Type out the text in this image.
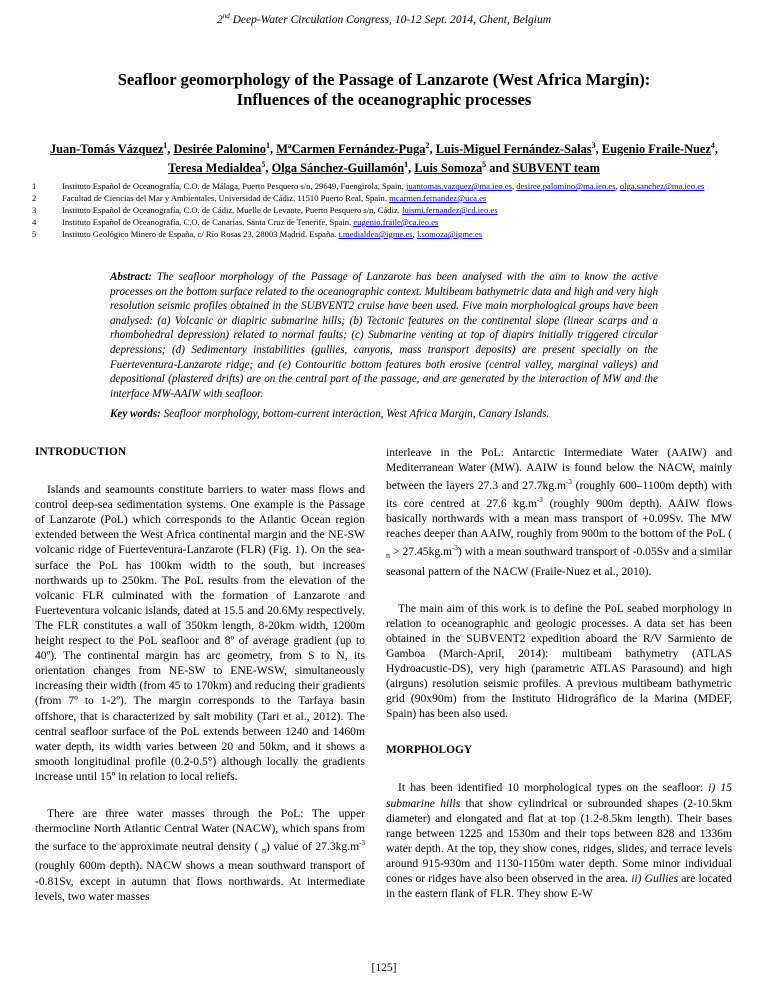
2nd Deep-Water Circulation Congress, 10-12 Sept. 2014, Ghent, Belgium
Seafloor geomorphology of the Passage of Lanzarote (West Africa Margin):
Influences of the oceanographic processes
Juan-Tomás Vázquez$^1$, Desirée Palomino$^1$, MªCarmen Fernández-Puga$^2$, Luis-Miguel Fernández-Salas$^3$, Eugenio Fraile-Nuez$^4$, Teresa Medialdea$^5$, Olga Sánchez-Guillamón$^1$, Luis Somoza$^5$ and SUBVENT team
1	Instituto Español de Oceanografía, C.O. de Málaga, Puerto Pesquero s/n, 29649, Fuengirola, Spain. juantomas.vazquez@ma.ieo.es, desiree.palomino@ma.ieo.es, olga.sanchez@ma.ieo.es
2	Facultad de Ciencias del Mar y Ambientales, Universidad de Cádiz. 11510 Puerto Real, Spain. mcarmen.fernandez@uca.es
3	Instituto Español de Oceanografía, C.O. de Cádiz, Muelle de Levante, Puerto Pesquero s/n, Cádiz. luismi.fernandez@cd.ieo.es
4	Instituto Español de Oceanografía, C.O. de Canarias, Santa Cruz de Tenerife, Spain. eugenio.fraile@ca.ieo.es
5	Instituto Geológico Minero de España, c/ Río Rosas 23, 28003 Madrid. España. t.medialdea@igme.es, l.somoza@igme.es
Abstract: The seafloor morphology of the Passage of Lanzarote has been analysed with the aim to know the active processes on the bottom surface related to the oceanographic context. Multibeam bathymetric data and high and very high resolution seismic profiles obtained in the SUBVENT2 cruise have been used. Five main morphological groups have been analysed: (a) Volcanic or diapiric submarine hills; (b) Tectonic features on the continental slope (linear scarps and a rhombohedral depression) related to normal faults; (c) Submarine venting at top of diapirs initially triggered circular depressions; (d) Sedimentary instabilities (gullies, canyons, mass transport deposits) are present specially on the Fuerteventura-Lanzarote ridge; and (e) Contouritic bottom features both erosive (central valley, marginal valleys) and depositional (plastered drifts) are on the central part of the passage, and are generated by the interaction of MW and the interface MW-AAIW with seafloor.
Key words: Seafloor morphology, bottom-current interaction, West Africa Margin, Canary Islands.
INTRODUCTION

Islands and seamounts constitute barriers to water mass flows and control deep-sea sedimentation systems. One example is the Passage of Lanzarote (PoL) which corresponds to the Atlantic Ocean region extended between the West Africa continental margin and the NE-SW volcanic ridge of Fuerteventura-Lanzarote (FLR) (Fig. 1). On the sea-surface the PoL has 100km width to the south, but increases northwards up to 250km. The PoL results from the elevation of the volcanic FLR culminated with the formation of Lanzarote and Fuerteventura volcanic islands, dated at 15.5 and 20.6My respectively. The FLR constitutes a wall of 350km length, 8-20km width, 1200m height respect to the PoL seafloor and 8º of average gradient (up to 40º). The continental margin has arc geometry, from S to N, its orientation changes from NE-SW to ENE-WSW, simultaneously increasing their width (from 45 to 170km) and reducing their gradients (from 7º to 1-2º). The margin corresponds to the Tarfaya basin offshore, that is characterized by salt mobility (Tari et al., 2012). The central seafloor surface of the PoL extends between 1240 and 1460m water depth, its width varies between 20 and 50km, and it shows a smooth longitudinal profile (0.2-0.5°) although locally the gradients increase until 15º in relation to local reliefs.

There are three water masses through the PoL: The upper thermocline North Atlantic Central Water (NACW), which spans from the surface to the approximate neutral density ( $_n$) value of $27.3kg.m^{-3}$ (roughly 600m depth). NACW shows a mean southward transport of -0.81Sv, except in autumn that flows northwards. At intermediate levels, two water masses

interleave in the PoL: Antarctic Intermediate Water (AAIW) and Mediterranean Water (MW). AAIW is found below the NACW, mainly between the layers 27.3 and $27.7kg.m^{-3}$ (roughly 600–1100m depth) with its core centred at 27.6 $kg.m^{-3}$ (roughly 900m depth). AAIW flows basically northwards with a mean mass transport of +0.09Sv. The MW reaches deeper than AAIW, roughly from 900m to the bottom of the PoL ( $_n > 27.45kg.m^{-3}$) with a mean southward transport of -0.05Sv and a similar seasonal pattern of the NACW (Fraile-Nuez et al., 2010).

The main aim of this work is to define the PoL seabed morphology in relation to oceanographic and geologic processes. A data set has been obtained in the SUBVENT2 expedition aboard the R/V Sarmiento de Gamboa (March-April, 2014): multibeam bathymetry (ATLAS Hydroacustic-DS), very high (parametric ATLAS Parasound) and high (airguns) resolution seismic profiles. A previous multibeam bathymetric grid (90x90m) from the Instituto Hidrográfico de la Marina (MDEF, Spain) has been also used.

MORPHOLOGY

It has been identified 10 morphological types on the seafloor: i) 15 submarine hills that show cylindrical or subrounded shapes (2-10.5km diameter) and elongated and flat at top (1.2-8.5km length). Their bases range between 1225 and 1530m and their tops between 828 and 1336m water depth. At the top, they show cones, ridges, slides, and terrace levels around 915-930m and 1130-1150m water depth. Some minor individual cones or ridges have also been observed in the area. ii) Gullies are located in the eastern flank of FLR. They show E-W

[125]
